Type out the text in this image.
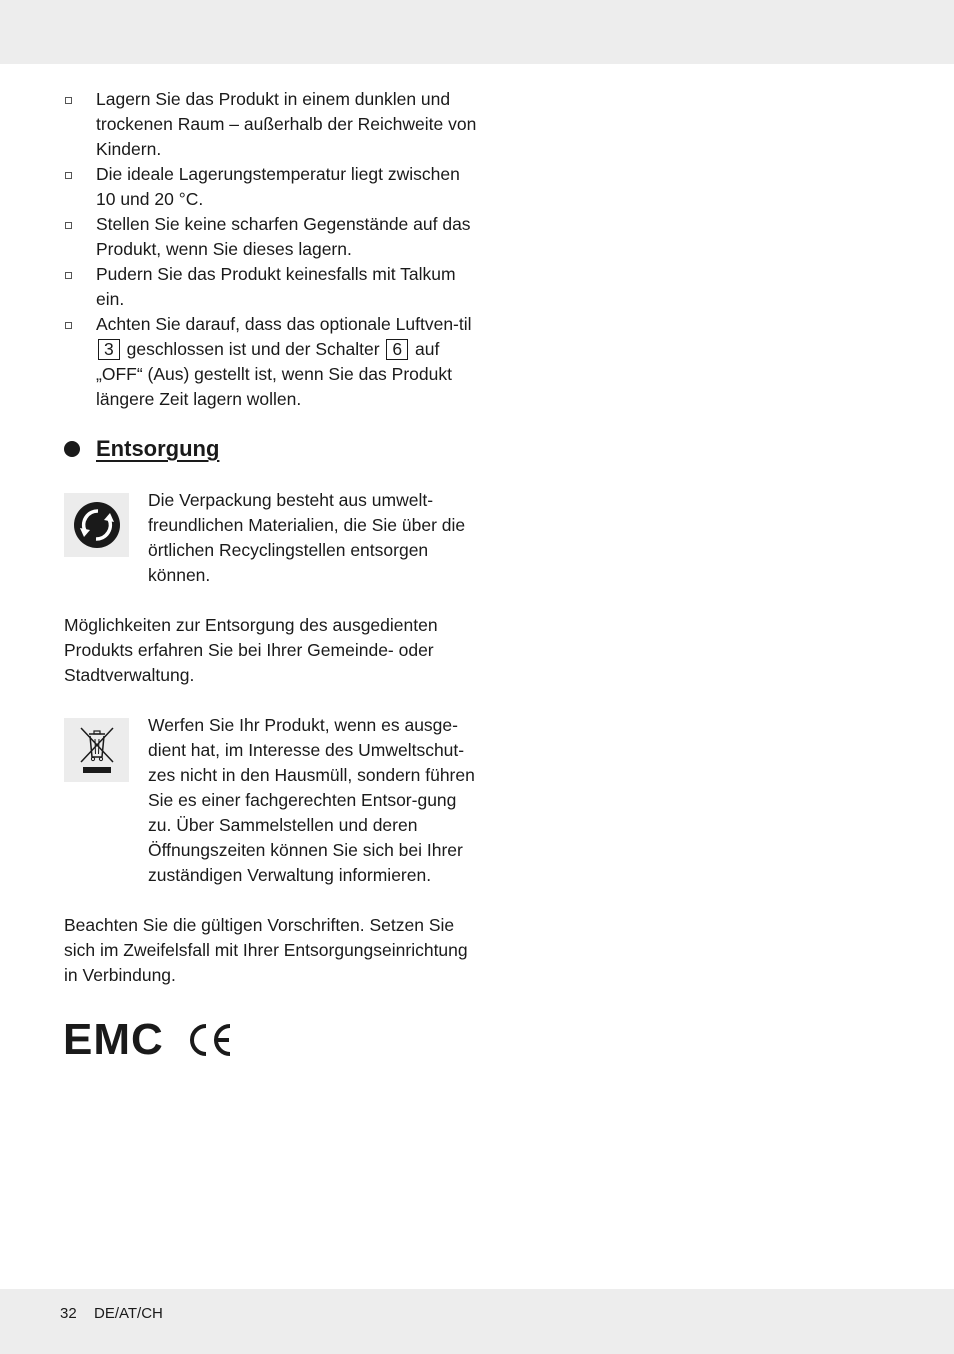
Lagern Sie das Produkt in einem dunklen und trockenen Raum – außerhalb der Reichweite von Kindern.
Die ideale Lagerungstemperatur liegt zwischen 10 und 20 °C.
Stellen Sie keine scharfen Gegenstände auf das Produkt, wenn Sie dieses lagern.
Pudern Sie das Produkt keinesfalls mit Talkum ein.
Achten Sie darauf, dass das optionale Luftven-til 3 geschlossen ist und der Schalter 6 auf „OFF“ (Aus) gestellt ist, wenn Sie das Produkt längere Zeit lagern wollen.
Entsorgung
Die Verpackung besteht aus umwelt-freundlichen Materialien, die Sie über die örtlichen Recyclingstellen entsorgen können.
Möglichkeiten zur Entsorgung des ausgedienten Produkts erfahren Sie bei Ihrer Gemeinde- oder Stadtverwaltung.
Werfen Sie Ihr Produkt, wenn es ausge-dient hat, im Interesse des Umweltschut-zes nicht in den Hausmüll, sondern führen Sie es einer fachgerechten Entsor-gung zu. Über Sammelstellen und deren Öffnungszeiten können Sie sich bei Ihrer zuständigen Verwaltung informieren.
Beachten Sie die gültigen Vorschriften. Setzen Sie sich im Zweifelsfall mit Ihrer Entsorgungseinrichtung in Verbindung.
EMC
32 DE/AT/CH
